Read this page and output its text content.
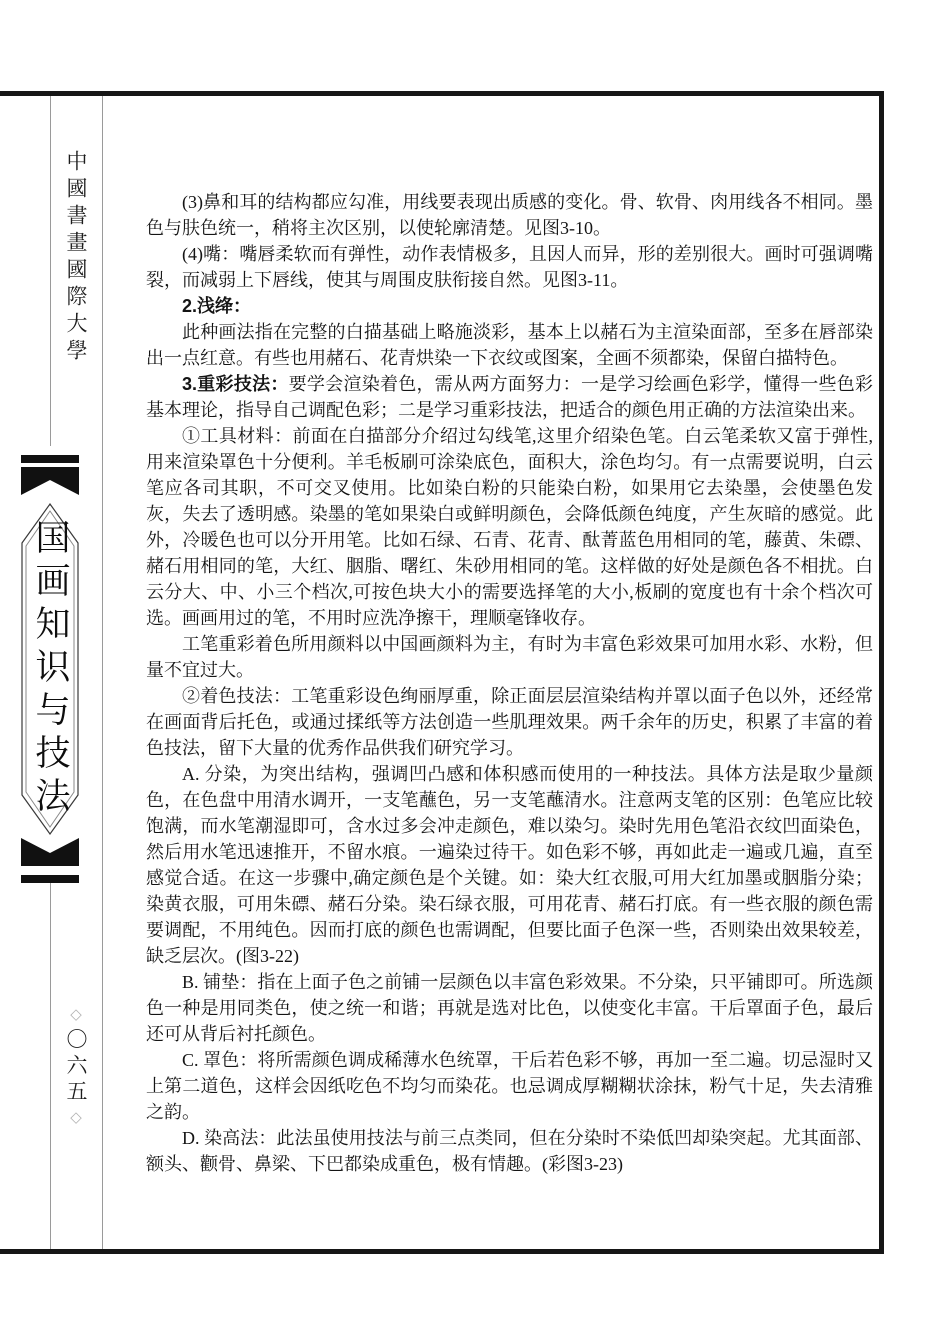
中國書畫國際大學
国画知识与技法
◇
〇六五
◇

(3)鼻和耳的结构都应勾准，用线要表现出质感的变化。骨、软骨、肉用线各不相同。墨色与肤色统一，稍将主次区别，以使轮廓清楚。见图3-10。

(4)嘴：嘴唇柔软而有弹性，动作表情极多，且因人而异，形的差别很大。画时可强调嘴裂，而减弱上下唇线，使其与周围皮肤衔接自然。见图3-11。

2.浅绛：

此种画法指在完整的白描基础上略施淡彩，基本上以赭石为主渲染面部，至多在唇部染出一点红意。有些也用赭石、花青烘染一下衣纹或图案，全画不须都染，保留白描特色。

3.重彩技法：要学会渲染着色，需从两方面努力：一是学习绘画色彩学，懂得一些色彩基本理论，指导自己调配色彩；二是学习重彩技法，把适合的颜色用正确的方法渲染出来。

①工具材料：前面在白描部分介绍过勾线笔,这里介绍染色笔。白云笔柔软又富于弹性,用来渲染罩色十分便利。羊毛板刷可涂染底色，面积大，涂色均匀。有一点需要说明，白云笔应各司其职，不可交叉使用。比如染白粉的只能染白粉，如果用它去染墨，会使墨色发灰，失去了透明感。染墨的笔如果染白或鲜明颜色，会降低颜色纯度，产生灰暗的感觉。此外，冷暖色也可以分开用笔。比如石绿、石青、花青、酞菁蓝色用相同的笔，藤黄、朱磦、赭石用相同的笔，大红、胭脂、曙红、朱砂用相同的笔。这样做的好处是颜色各不相扰。白云分大、中、小三个档次,可按色块大小的需要选择笔的大小,板刷的宽度也有十余个档次可选。画画用过的笔，不用时应洗净擦干，理顺毫锋收存。

工笔重彩着色所用颜料以中国画颜料为主，有时为丰富色彩效果可加用水彩、水粉，但量不宜过大。

②着色技法：工笔重彩设色绚丽厚重，除正面层层渲染结构并罩以面子色以外，还经常在画面背后托色，或通过揉纸等方法创造一些肌理效果。两千余年的历史，积累了丰富的着色技法，留下大量的优秀作品供我们研究学习。

A. 分染，为突出结构，强调凹凸感和体积感而使用的一种技法。具体方法是取少量颜色，在色盘中用清水调开，一支笔蘸色，另一支笔蘸清水。注意两支笔的区别：色笔应比较饱满，而水笔潮湿即可，含水过多会冲走颜色，难以染匀。染时先用色笔沿衣纹凹面染色，然后用水笔迅速推开，不留水痕。一遍染过待干。如色彩不够，再如此走一遍或几遍，直至感觉合适。在这一步骤中,确定颜色是个关键。如：染大红衣服,可用大红加墨或胭脂分染；染黄衣服，可用朱磦、赭石分染。染石绿衣服，可用花青、赭石打底。有一些衣服的颜色需要调配，不用纯色。因而打底的颜色也需调配，但要比面子色深一些，否则染出效果较差，缺乏层次。(图3-22)

B. 铺垫：指在上面子色之前铺一层颜色以丰富色彩效果。不分染，只平铺即可。所选颜色一种是用同类色，使之统一和谐；再就是选对比色，以使变化丰富。干后罩面子色，最后还可从背后衬托颜色。

C. 罩色：将所需颜色调成稀薄水色统罩，干后若色彩不够，再加一至二遍。切忌湿时又上第二道色，这样会因纸吃色不均匀而染花。也忌调成厚糊糊状涂抹，粉气十足，失去清雅之韵。

D. 染高法：此法虽使用技法与前三点类同，但在分染时不染低凹却染突起。尤其面部、额头、颧骨、鼻梁、下巴都染成重色，极有情趣。(彩图3-23)
